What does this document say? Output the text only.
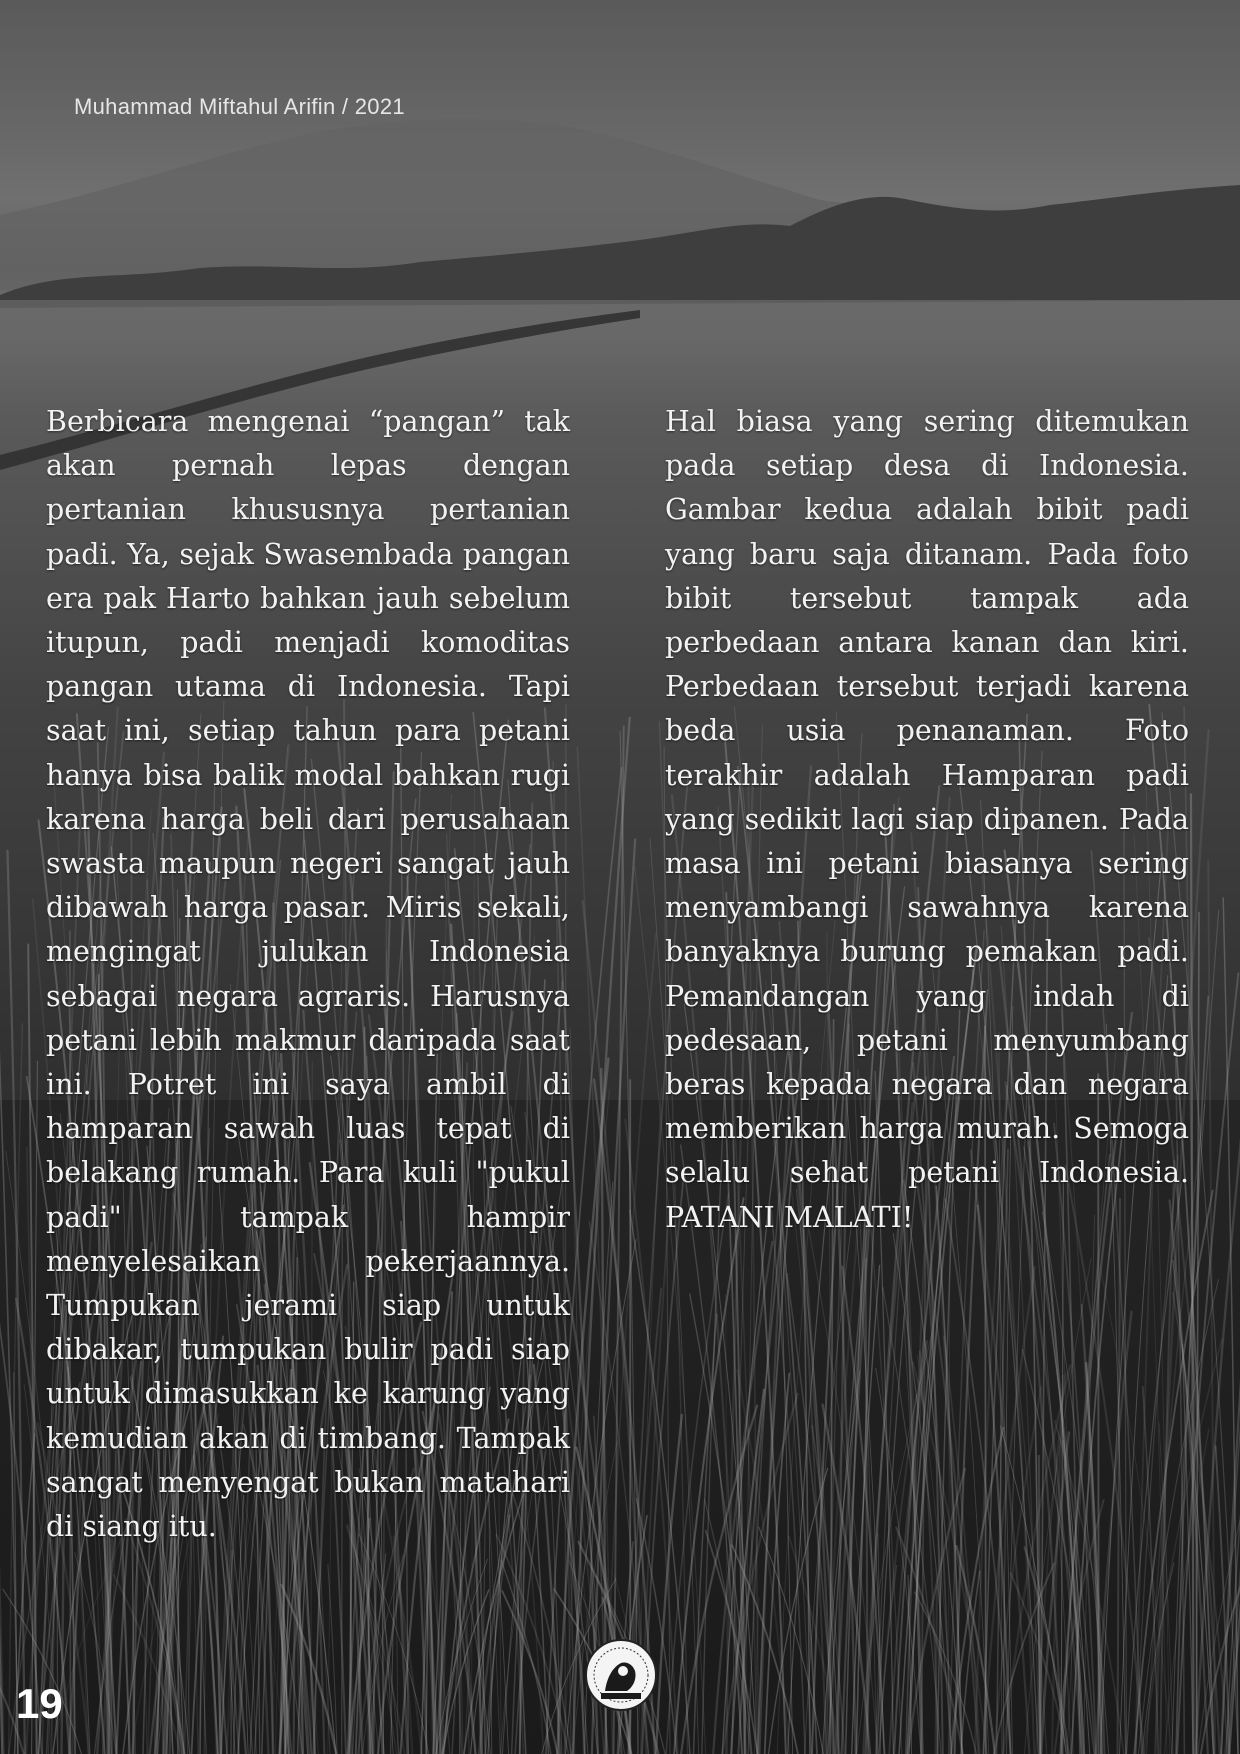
Muhammad Miftahul Arifin / 2021

Berbicara mengenai “pangan” tak akan pernah lepas dengan pertanian khususnya pertanian padi. Ya, sejak Swasembada pangan era pak Harto bahkan jauh sebelum itupun, padi menjadi komoditas pangan utama di Indonesia. Tapi saat ini, setiap tahun para petani hanya bisa balik modal bahkan rugi karena harga beli dari perusahaan swasta maupun negeri sangat jauh dibawah harga pasar. Miris sekali, mengingat julukan Indonesia sebagai negara agraris. Harusnya petani lebih makmur daripada saat ini. Potret ini saya ambil di hamparan sawah luas tepat di belakang rumah. Para kuli "pukul padi" tampak hampir menyelesaikan pekerjaannya. Tumpukan jerami siap untuk dibakar, tumpukan bulir padi siap untuk dimasukkan ke karung yang kemudian akan di timbang. Tampak sangat menyengat bukan matahari di siang itu.

Hal biasa yang sering ditemukan pada setiap desa di Indonesia. Gambar kedua adalah bibit padi yang baru saja ditanam. Pada foto bibit tersebut tampak ada perbedaan antara kanan dan kiri. Perbedaan tersebut terjadi karena beda usia penanaman. Foto terakhir adalah Hamparan padi yang sedikit lagi siap dipanen. Pada masa ini petani biasanya sering menyambangi sawahnya karena banyaknya burung pemakan padi. Pemandangan yang indah di pedesaan, petani menyumbang beras kepada negara dan negara memberikan harga murah. Semoga selalu sehat petani Indonesia. PATANI MALATI!

19
